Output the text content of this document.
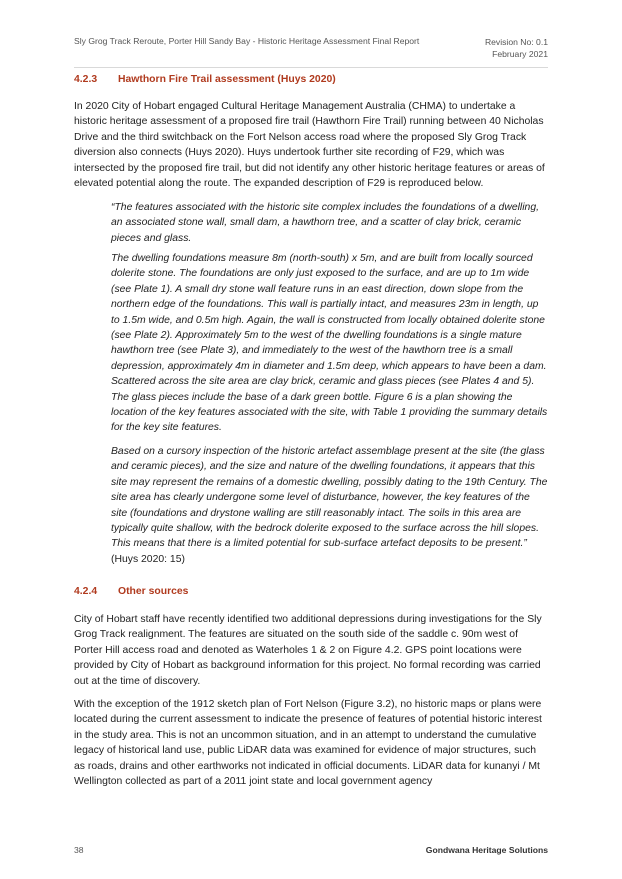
Sly Grog Track Reroute, Porter Hill Sandy Bay - Historic Heritage Assessment Final Report	Revision No: 0.1
February 2021
4.2.3 Hawthorn Fire Trail assessment (Huys 2020)
In 2020 City of Hobart engaged Cultural Heritage Management Australia (CHMA) to undertake a historic heritage assessment of a proposed fire trail (Hawthorn Fire Trail) running between 40 Nicholas Drive and the third switchback on the Fort Nelson access road where the proposed Sly Grog Track diversion also connects (Huys 2020). Huys undertook further site recording of F29, which was intersected by the proposed fire trail, but did not identify any other historic heritage features or areas of elevated potential along the route. The expanded description of F29 is reproduced below.
“The features associated with the historic site complex includes the foundations of a dwelling, an associated stone wall, small dam, a hawthorn tree, and a scatter of clay brick, ceramic pieces and glass.
The dwelling foundations measure 8m (north-south) x 5m, and are built from locally sourced dolerite stone. The foundations are only just exposed to the surface, and are up to 1m wide (see Plate 1). A small dry stone wall feature runs in an east direction, down slope from the northern edge of the foundations. This wall is partially intact, and measures 23m in length, up to 1.5m wide, and 0.5m high. Again, the wall is constructed from locally obtained dolerite stone (see Plate 2). Approximately 5m to the west of the dwelling foundations is a single mature hawthorn tree (see Plate 3), and immediately to the west of the hawthorn tree is a small depression, approximately 4m in diameter and 1.5m deep, which appears to have been a dam. Scattered across the site area are clay brick, ceramic and glass pieces (see Plates 4 and 5). The glass pieces include the base of a dark green bottle. Figure 6 is a plan showing the location of the key features associated with the site, with Table 1 providing the summary details for the key site features.
Based on a cursory inspection of the historic artefact assemblage present at the site (the glass and ceramic pieces), and the size and nature of the dwelling foundations, it appears that this site may represent the remains of a domestic dwelling, possibly dating to the 19th Century. The site area has clearly undergone some level of disturbance, however, the key features of the site (foundations and drystone walling are still reasonably intact. The soils in this area are typically quite shallow, with the bedrock dolerite exposed to the surface across the hill slopes. This means that there is a limited potential for sub-surface artefact deposits to be present.” (Huys 2020: 15)
4.2.4 Other sources
City of Hobart staff have recently identified two additional depressions during investigations for the Sly Grog Track realignment. The features are situated on the south side of the saddle c. 90m west of Porter Hill access road and denoted as Waterholes 1 & 2 on Figure 4.2. GPS point locations were provided by City of Hobart as background information for this project. No formal recording was carried out at the time of discovery.
With the exception of the 1912 sketch plan of Fort Nelson (Figure 3.2), no historic maps or plans were located during the current assessment to indicate the presence of features of potential historic interest in the study area. This is not an uncommon situation, and in an attempt to understand the cumulative legacy of historical land use, public LiDAR data was examined for evidence of major structures, such as roads, drains and other earthworks not indicated in official documents. LiDAR data for kunanyi / Mt Wellington collected as part of a 2011 joint state and local government agency
38	Gondwana Heritage Solutions
